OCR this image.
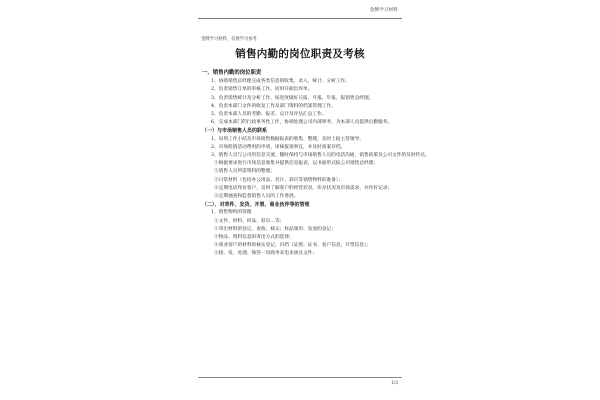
金牌学习材料
金牌学习材料，仅供学习参考
销售内勤的岗位职责及考核
一、销售内勤的岗位职责
1、协助销售总经理完成各类信息的收集、录入、统计、分析工作。
2、负责销售订单的审核工作，同时开据出库单。
3、负责销售统计及分析工作，按进度做好日报、月报、年报，报销售总经理。
4、负责本部门文件的收发工作及部门资料的档案管理工作。
5、负责本部人员的考勤、报差、总计及评估汇总工作。
6、完成本部门的行政事务性工作，协调处理公司内部事务，为本部人员提供后勤服务。
（一）与市场销售人员的联系
1、每周工作小结及市场销售数据报表的收集、整理，及时上报主管领导。
2、市场促销活动费用的申请，审核报销事宜，并及时备案存档。
3、销售人员与公司的信息交流，随时保持与市场销售人员的电话沟通，销售政策及公司文件的及时传达。
①根据要求进行市场信息收集并提供信息报表，以书面形式报公司销售总经理；
②销售人员所需资料的整理；
③日常材料（包括办公用品、名片、彩页等销售物料的准备）；
④定期电话拜访客户，及时了解客户的经营状况、库存状况及市场需求，并作好记录；
⑤定期抽查和监督销售人员的工作进展。
（二）、对寄件、发货、开票、商业伙伴等的管理
1、销售物料的管理
①文件、材料、样品、彩页…等；
②寄出材料的登记、查收、核实；样品领用、发放的登记；
③物品、资料信息的寄出方式的选择；
④商业客户的材料的核实登记，归档（证照、证书、客户信息，开票信息）；
⑤接、发、处理、保管一切商务来电来函及文件；
1/3
